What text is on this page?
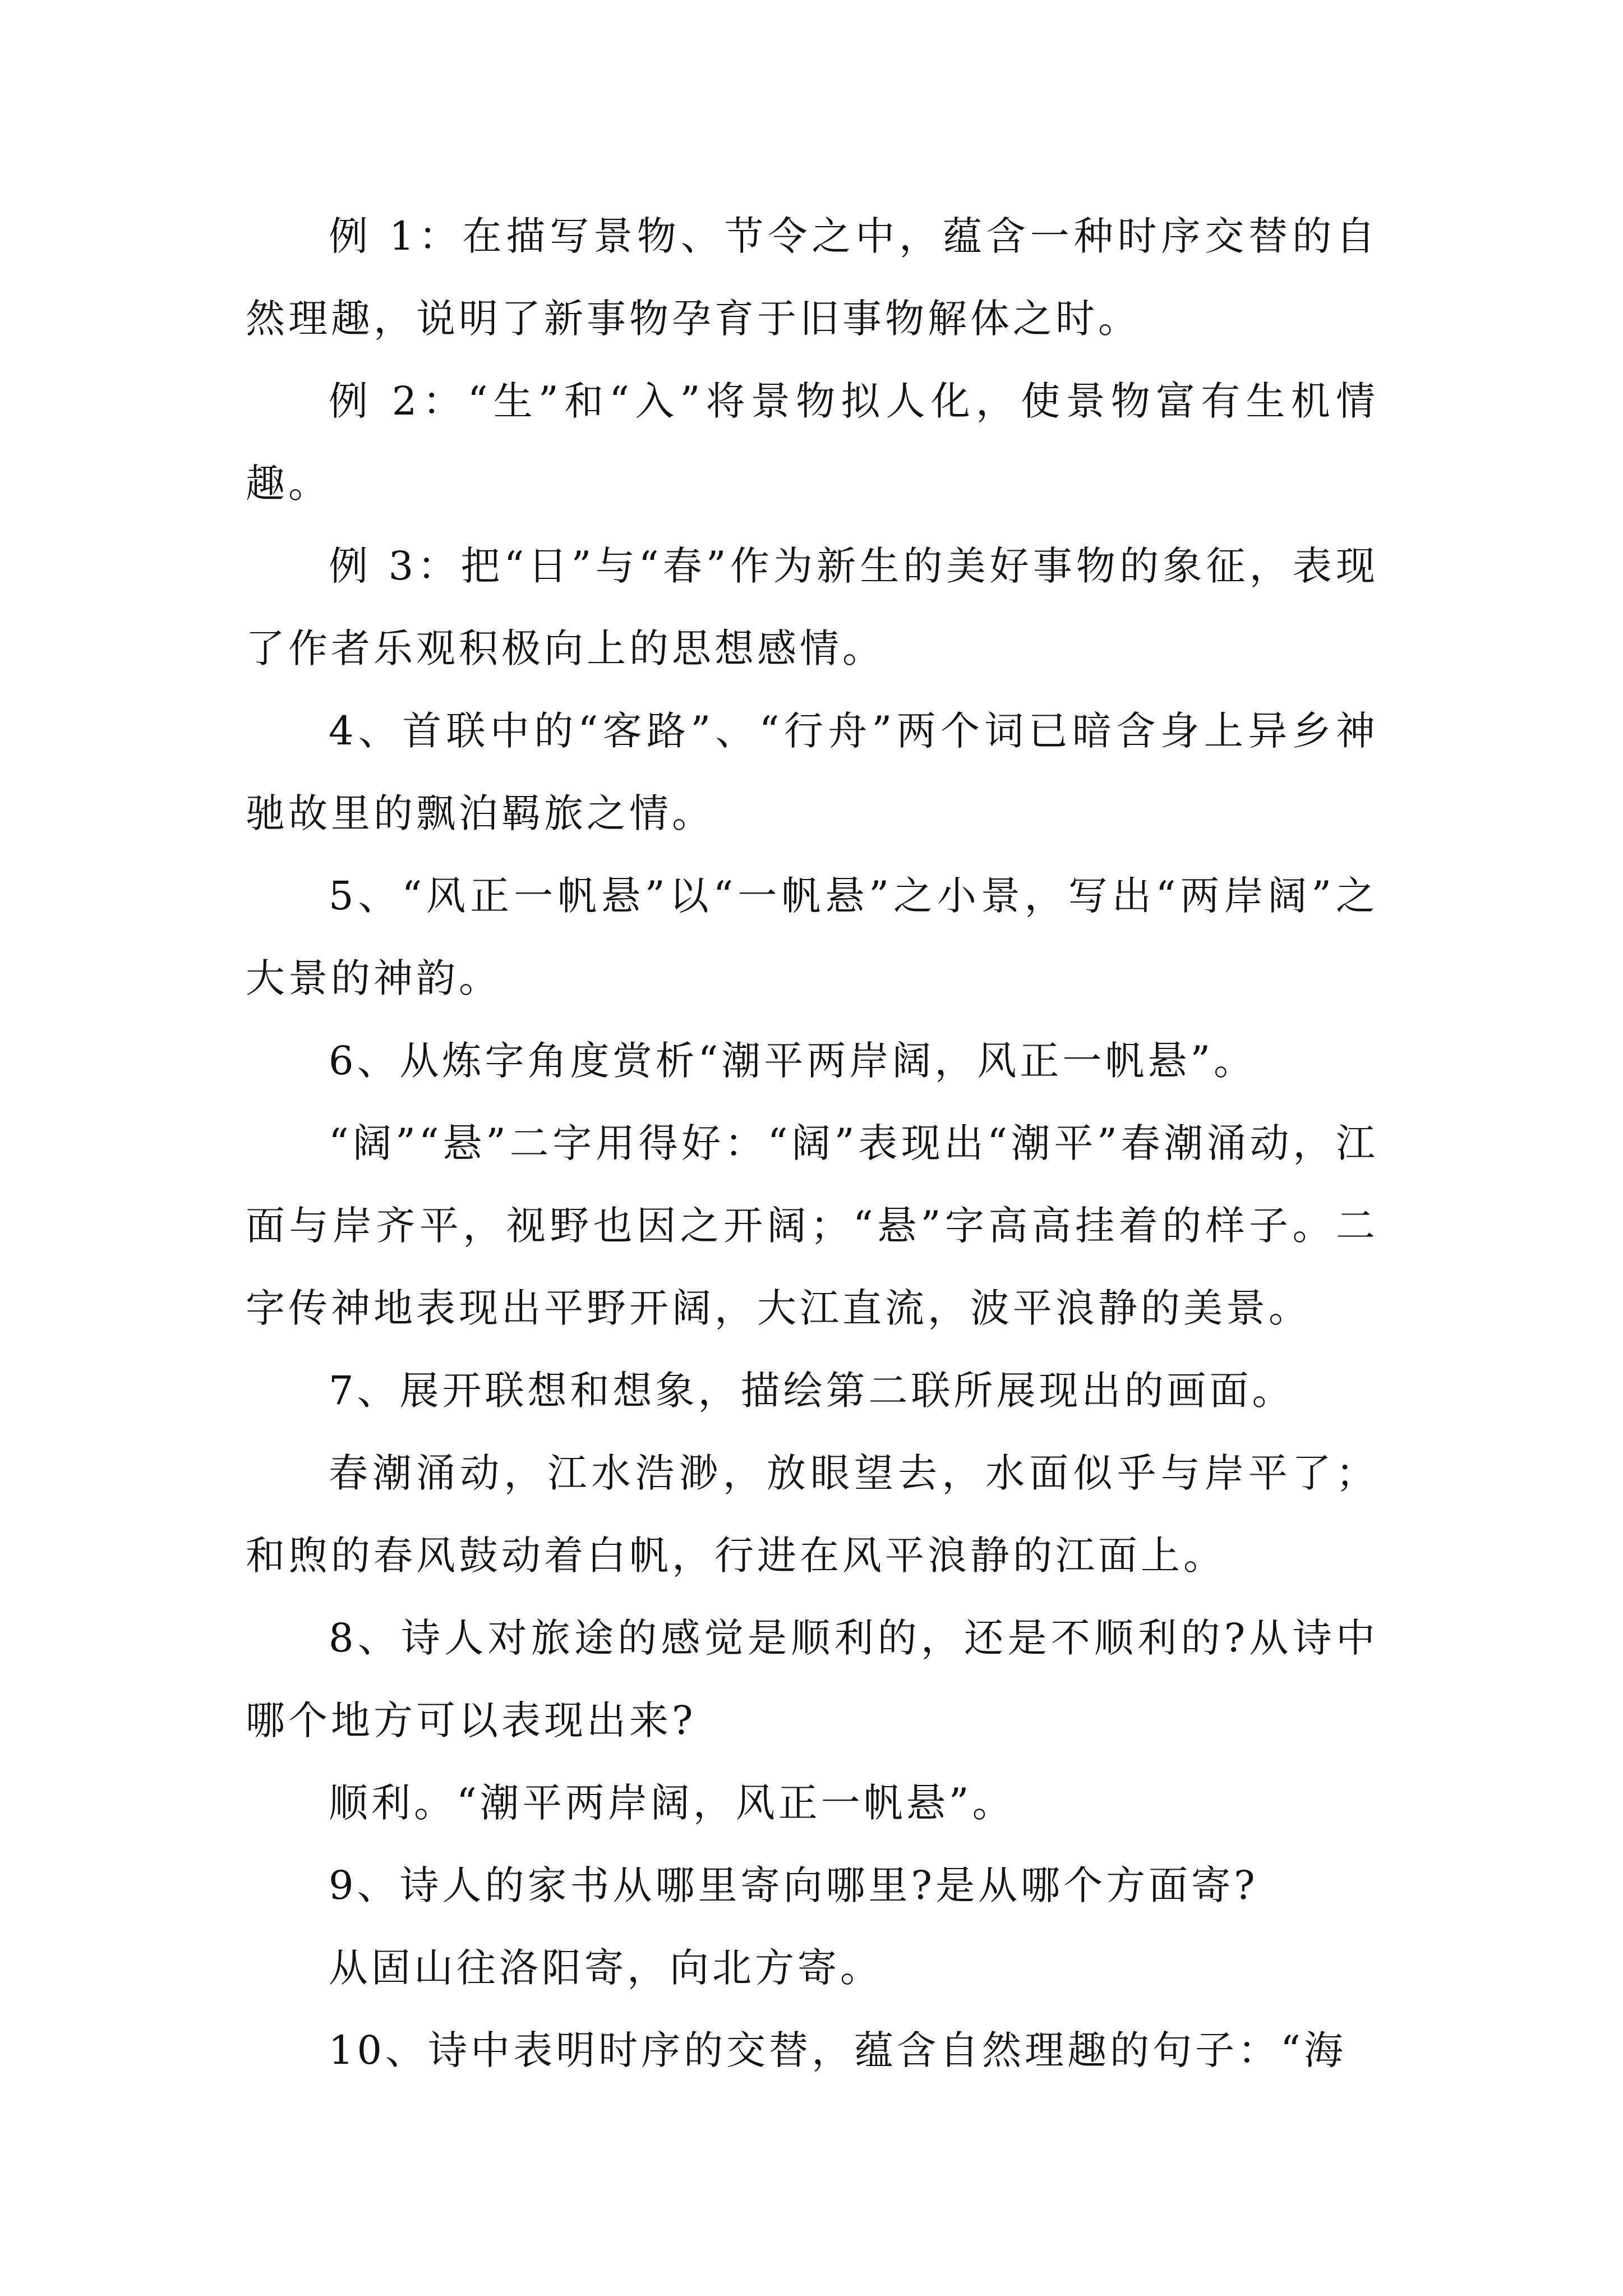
例 1：在描写景物、节令之中，蕴含一种时序交替的自然理趣，说明了新事物孕育于旧事物解体之时。

例 2：“生”和“入”将景物拟人化，使景物富有生机情趣。

例 3：把“日”与“春”作为新生的美好事物的象征，表现了作者乐观积极向上的思想感情。

4、首联中的“客路”、“行舟”两个词已暗含身上异乡神驰故里的飘泊羁旅之情。

5、“风正一帆悬”以“一帆悬”之小景，写出“两岸阔”之大景的神韵。

6、从炼字角度赏析“潮平两岸阔，风正一帆悬”。

“阔”“悬”二字用得好：“阔”表现出“潮平”春潮涌动，江面与岸齐平，视野也因之开阔；“悬”字高高挂着的样子。二字传神地表现出平野开阔，大江直流，波平浪静的美景。

7、展开联想和想象，描绘第二联所展现出的画面。

春潮涌动，江水浩渺，放眼望去，水面似乎与岸平了；和煦的春风鼓动着白帆，行进在风平浪静的江面上。

8、诗人对旅途的感觉是顺利的，还是不顺利的?从诗中哪个地方可以表现出来?

顺利。“潮平两岸阔，风正一帆悬”。

9、诗人的家书从哪里寄向哪里?是从哪个方面寄?

从固山往洛阳寄，向北方寄。

10、诗中表明时序的交替，蕴含自然理趣的句子：“海
